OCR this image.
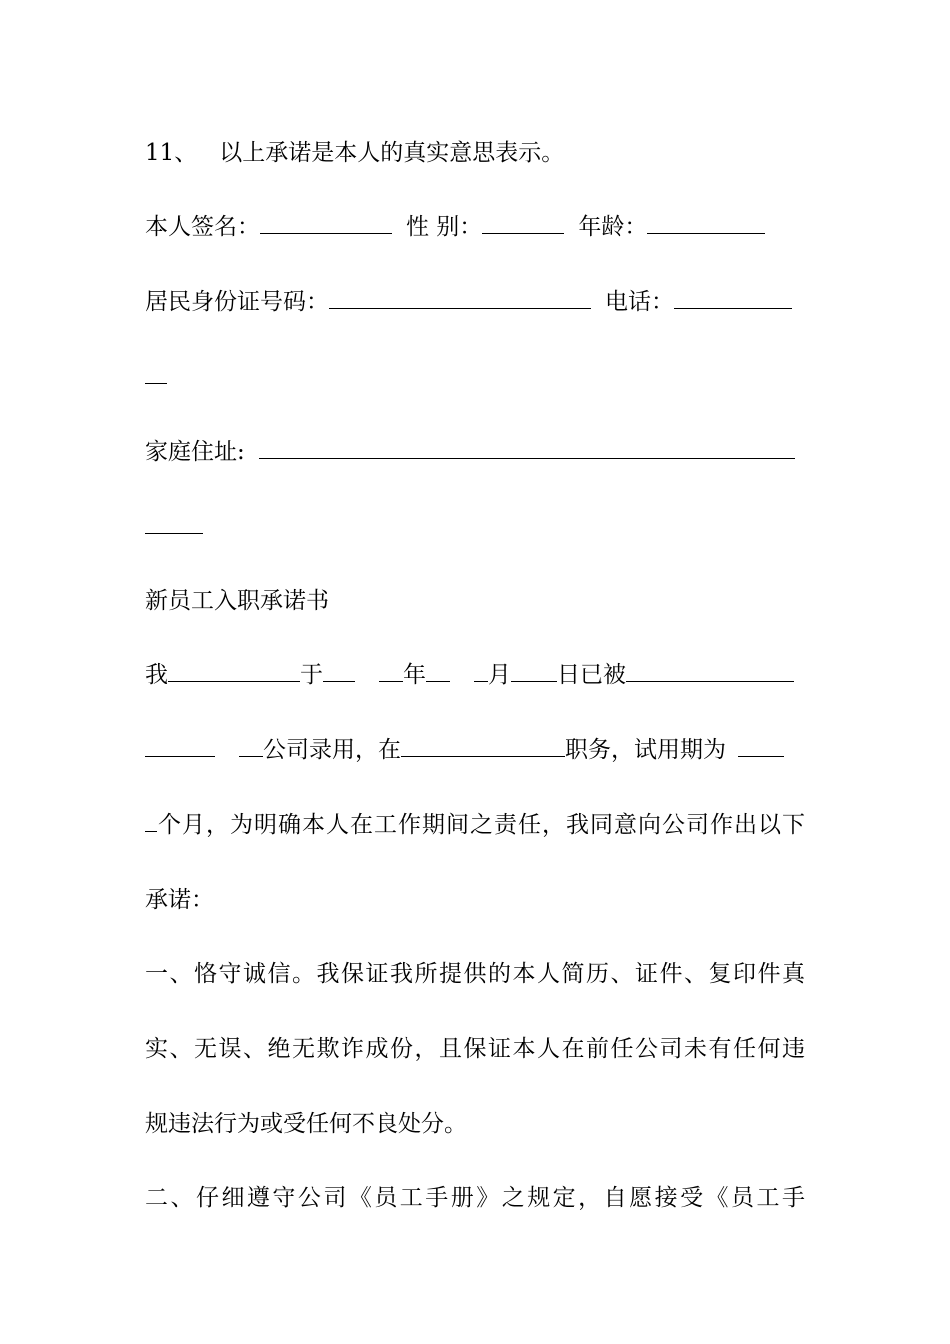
11、 以上承诺是本人的真实意思表示。
本人签名：	性 别：	年龄：
居民身份证号码：	电话：
家庭住址:
新员工入职承诺书
我	于	年	月 日已被
公司录用，在	职务，试用期为
个月，为明确本人在工作期间之责任，我同意向公司作出以下
承诺：
一、恪守诚信。我保证我所提供的本人简历、证件、复印件真
实、无误、绝无欺诈成份，且保证本人在前任公司未有任何违
规违法行为或受任何不良处分。
二、仔细遵守公司《员工手册》之规定，自愿接受《员工手
